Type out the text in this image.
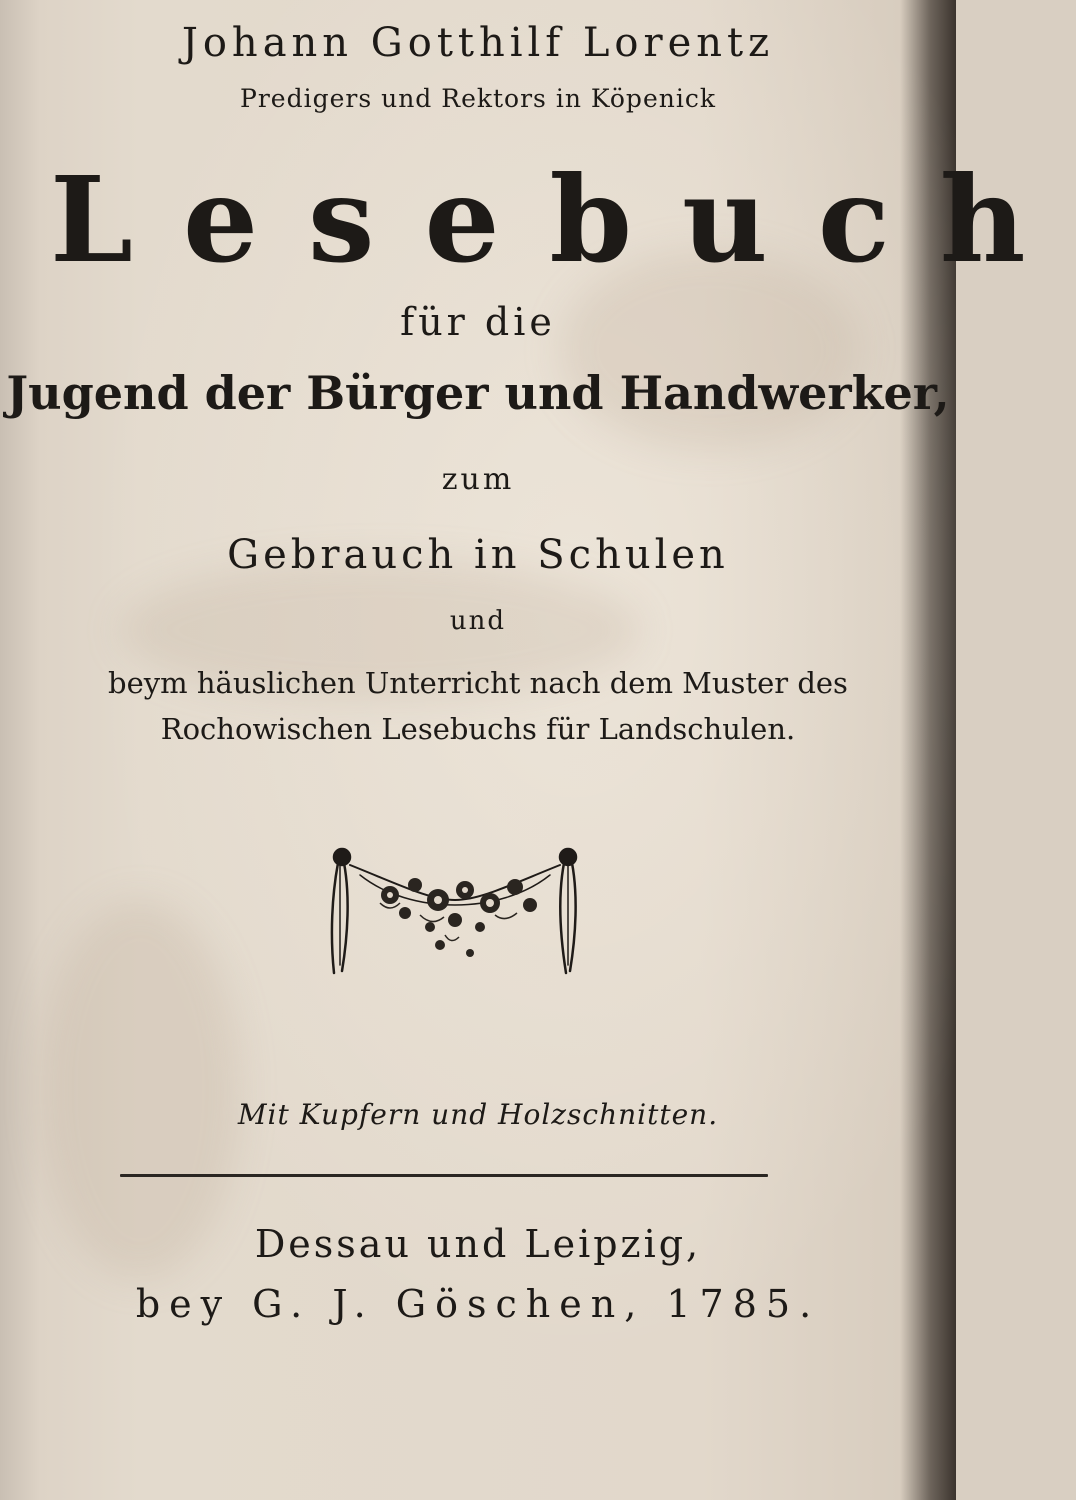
Johann Gotthilf Lorentz
Predigers und Rektors in Köpenick
Lesebuch
für die
Jugend der Bürger und Handwerker,
zum
Gebrauch in Schulen
und
beym häuslichen Unterricht nach dem Muster des
Rochowischen Lesebuchs für Landschulen.
Mit Kupfern und Holzschnitten.
Dessau und Leipzig,
bey G. J. Göschen, 1785.
